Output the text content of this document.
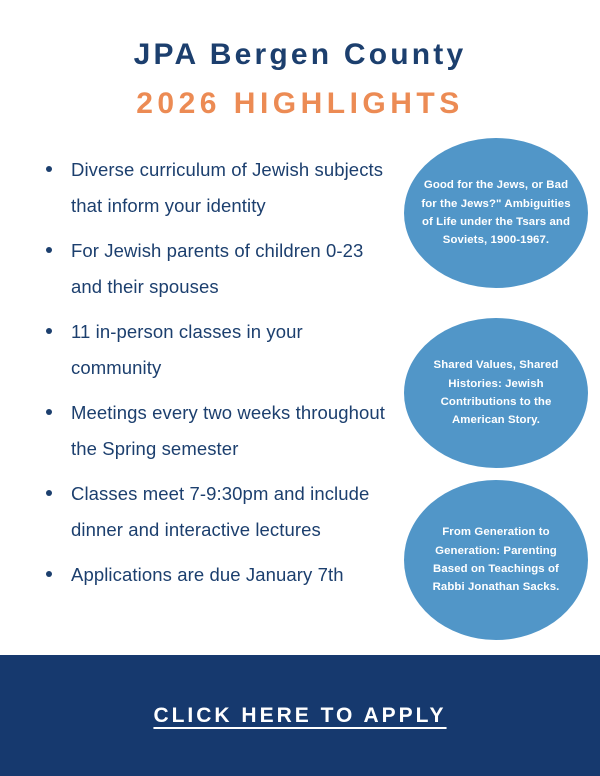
JPA Bergen County
2026 HIGHLIGHTS
Diverse curriculum of Jewish subjects that inform your identity
For Jewish parents of children 0-23 and their spouses
11 in-person classes in your community
Meetings every two weeks throughout the Spring semester
Classes meet 7-9:30pm and include dinner and interactive lectures
Applications are due January 7th
Good for the Jews, or Bad for the Jews?" Ambiguities of Life under the Tsars and Soviets, 1900-1967.
Shared Values, Shared Histories: Jewish Contributions to the American Story.
From Generation to Generation: Parenting Based on Teachings of Rabbi Jonathan Sacks.
CLICK HERE TO APPLY
